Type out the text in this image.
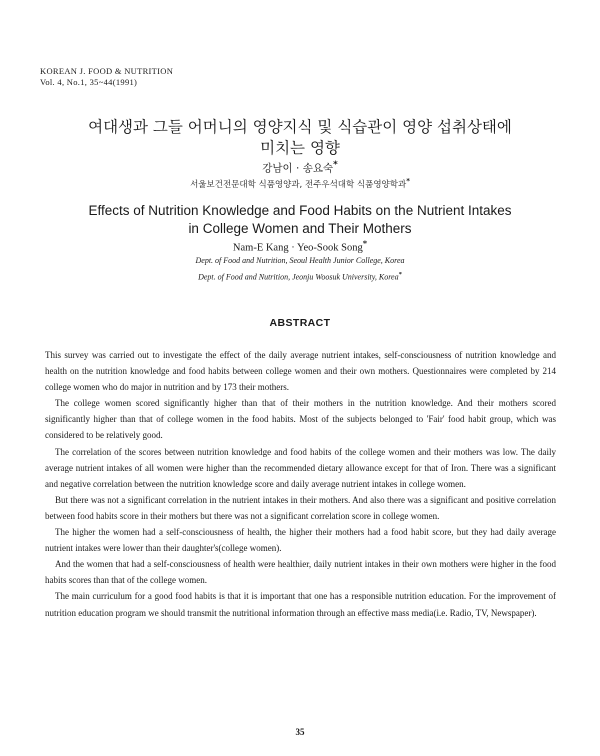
KOREAN J. FOOD & NUTRITION
Vol. 4, No.1, 35~44(1991)
여대생과 그들 어머니의 영양지식 및 식습관이 영양 섭취상태에
미치는 영향
강남이 · 송요숙*
서울보건전문대학 식품영양과, 전주우석대학 식품영양학과*
Effects of Nutrition Knowledge and Food Habits on the Nutrient Intakes
in College Women and Their Mothers
Nam-E Kang · Yeo-Sook Song*
Dept. of Food and Nutrition, Seoul Health Junior College, Korea
Dept. of Food and Nutrition, Jeonju Woosuk University, Korea*
ABSTRACT

This survey was carried out to investigate the effect of the daily average nutrient intakes, self-consciousness of nutrition knowledge and health on the nutrition knowledge and food habits between college women and their own mothers. Questionnaires were completed by 214 college women who do major in nutrition and by 173 their mothers.

The college women scored significantly higher than that of their mothers in the nutrition knowledge. And their mothers scored significantly higher than that of college women in the food habits. Most of the subjects belonged to 'Fair' food habit group, which was considered to be relatively good.

The correlation of the scores between nutrition knowledge and food habits of the college women and their mothers was low. The daily average nutrient intakes of all women were higher than the recommended dietary allowance except for that of Iron. There was a significant and negative correlation between the nutrition knowledge score and daily average nutrient intakes in college women.

But there was not a significant correlation in the nutrient intakes in their mothers. And also there was a significant and positive correlation between food habits score in their mothers but there was not a significant correlation score in college women.

The higher the women had a self-consciousness of health, the higher their mothers had a food habit score, but they had daily average nutrient intakes were lower than their daughter's(college women).

And the women that had a self-consciousness of health were healthier, daily nutrient intakes in their own mothers were higher in the food habits scores than that of the college women.

The main curriculum for a good food habits is that it is important that one has a responsible nutrition education. For the improvement of nutrition education program we should transmit the nutritional information through an effective mass media(i.e. Radio, TV, Newspaper).

35
